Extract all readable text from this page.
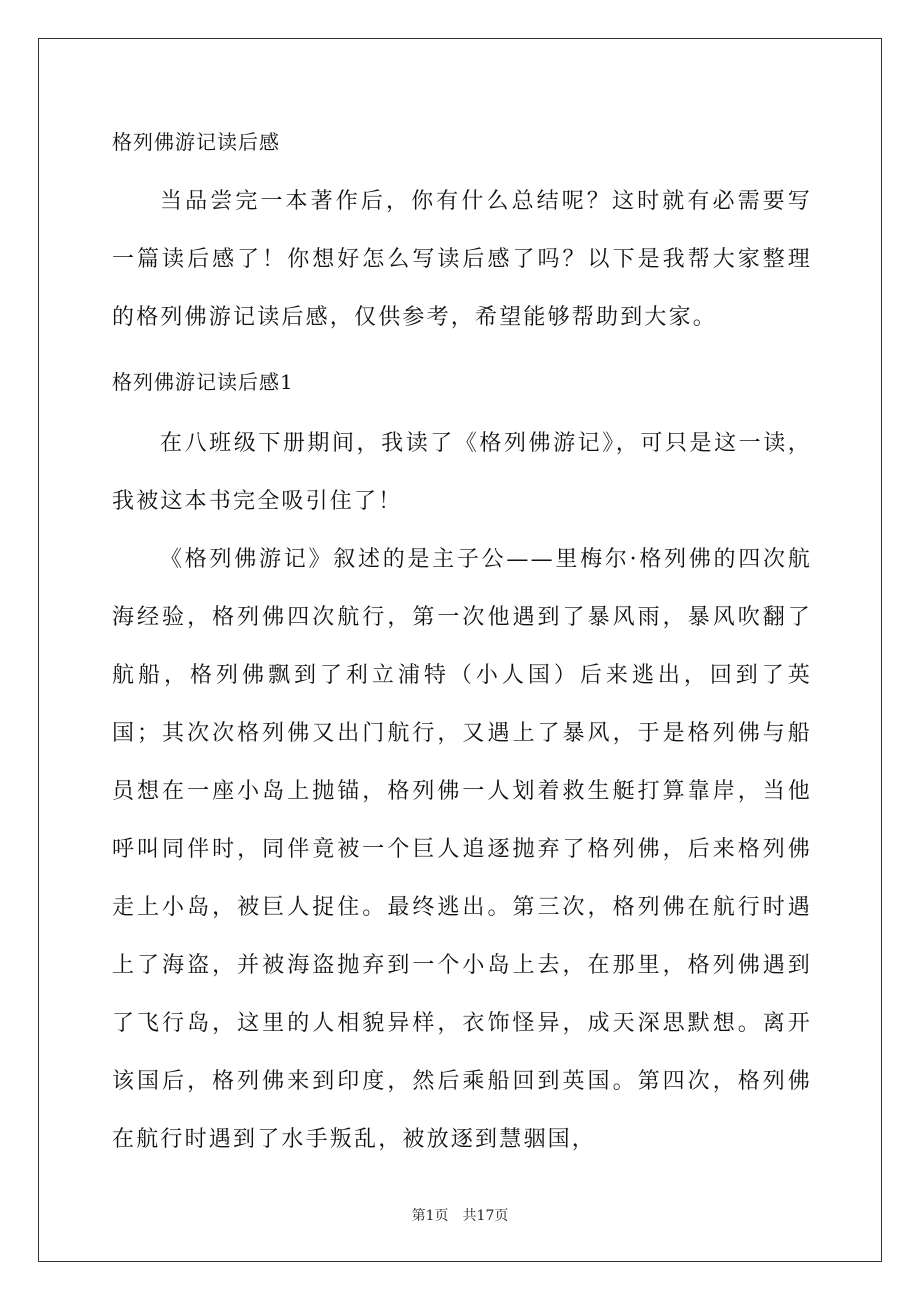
格列佛游记读后感

当品尝完一本著作后，你有什么总结呢？这时就有必需要写一篇读后感了！你想好怎么写读后感了吗？以下是我帮大家整理的格列佛游记读后感，仅供参考，希望能够帮助到大家。

格列佛游记读后感1

在八班级下册期间，我读了《格列佛游记》，可只是这一读，我被这本书完全吸引住了！

《格列佛游记》叙述的是主子公——里梅尔·格列佛的四次航海经验，格列佛四次航行，第一次他遇到了暴风雨，暴风吹翻了航船，格列佛飘到了利立浦特（小人国）后来逃出，回到了英国；其次次格列佛又出门航行，又遇上了暴风，于是格列佛与船员想在一座小岛上抛锚，格列佛一人划着救生艇打算靠岸，当他呼叫同伴时，同伴竟被一个巨人追逐抛弃了格列佛，后来格列佛走上小岛，被巨人捉住。最终逃出。第三次，格列佛在航行时遇上了海盗，并被海盗抛弃到一个小岛上去，在那里，格列佛遇到了飞行岛，这里的人相貌异样，衣饰怪异，成天深思默想。离开该国后，格列佛来到印度，然后乘船回到英国。第四次，格列佛在航行时遇到了水手叛乱，被放逐到慧骃国，

第1页 共17页
